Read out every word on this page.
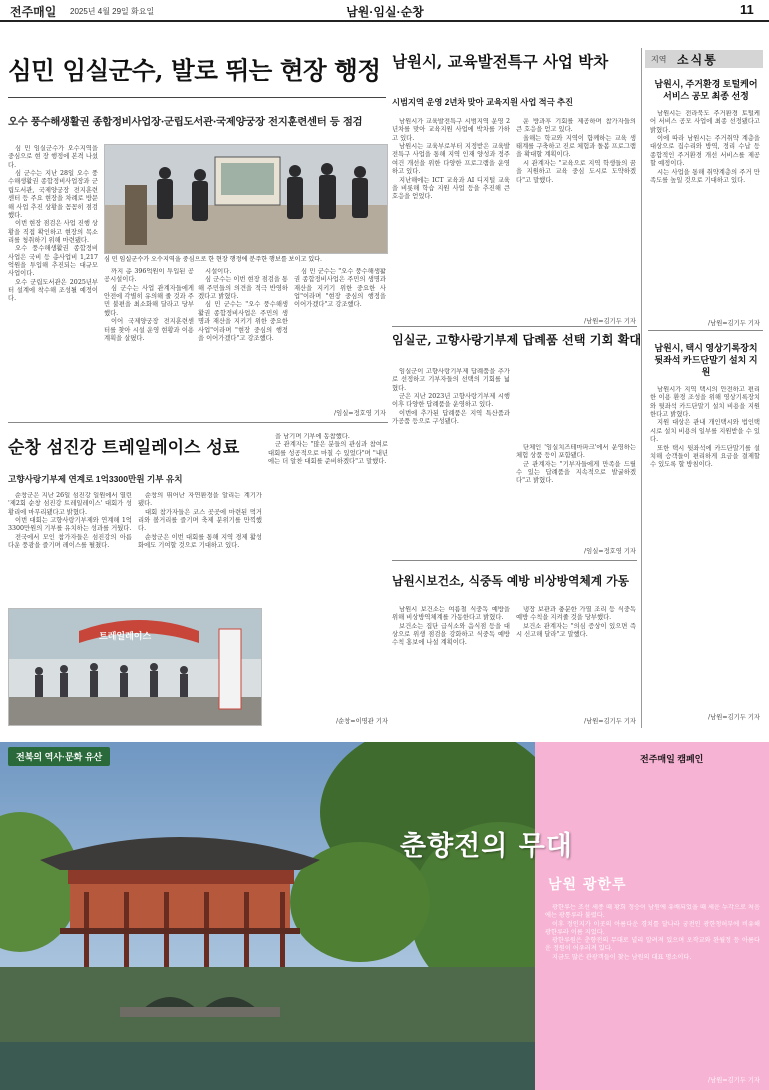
전주매일 2025년 4월 29일 화요일	남원·임실·순창	11
심민 임실군수, 발로 뛰는 현장 행정
오수 풍수해생활권 종합정비사업장·군립도서관·국제양궁장 전지훈련센터 등 점검

심 민 임실군수가 오수지역을 중심으로 현 장 행정에 본격 나섰다.

심 군수는 지난 28일 오수 풍수해생활권 종합정비사업장과 군립도서관, 국제양궁장 전지훈련센터 등 주요 현장을 차례로 방문해 사업 추진 상황을 꼼꼼히 점검했다.

이번 현장 점검은 사업 진행 상황을 직접 확인하고 현장의 목소리를 청취하기 위해 마련됐다.

오수 풍수해생활권 종합정비사업은 국비 등 총사업비 1,217억원을 투입해 추진되는 대규모 사업이다.

오수 군립도서관은 2025년부터 설계에 착수해 조성될 예정이다.

심 민 임실군수가 오수지역을 중심으로 한 현장 행정에 분주한 행보를 보이고 있다.

까지 총 396억원이 투입된 공공시설이다.

심 군수는 사업 관계자들에게 안전에 각별히 유의해 줄 것과 주민 불편을 최소화해 달라고 당부했다.

이어 국제양궁장 전지훈련센터를 찾아 시설 운영 현황과 이용 계획을 살폈다.

시설이다.

심 군수는 이번 현장 점검을 통해 주민들의 의견을 적극 반영하겠다고 밝혔다.

심 민 군수는 "오수 풍수해생활권 종합정비사업은 주민의 생명과 재산을 지키기 위한 중요한 사업"이라며 "현장 중심의 행정을 이어가겠다"고 강조했다.

심 민 군수는 "오수 풍수해생활권 종합정비사업은 주민의 생명과 재산을 지키기 위한 중요한 사업"이라며 "현장 중심의 행정을 이어가겠다"고 강조했다.

/임실=정호영 기자
순창 섬진강 트레일레이스 성료
고향사랑기부제 연계로 1억3300만원 기부 유치

순창군은 지난 26일 섬진강 일원에서 열린 '제2회 순창 섬진강 트레일레이스' 대회가 성황리에 마무리됐다고 밝혔다.

이번 대회는 고향사랑기부제와 연계해 1억3300만원의 기부를 유치하는 성과를 거뒀다.

전국에서 모인 참가자들은 섬진강의 아름다운 풍광을 즐기며 레이스를 펼쳤다.

순창의 뛰어난 자연환경을 알리는 계기가 됐다.

대회 참가자들은 코스 곳곳에 마련된 먹거리와 볼거리를 즐기며 축제 분위기를 만끽했다.

순창군은 이번 대회를 통해 지역 경제 활성화에도 기여할 것으로 기대하고 있다.

트레일레이스

을 남기며 기부에 동참했다.

군 관계자는 "많은 분들의 관심과 참여로 대회를 성공적으로 마칠 수 있었다"며 "내년에는 더 알찬 대회를 준비하겠다"고 말했다.

/순창=이명관 기자
남원시, 교육발전특구 사업 박차
시범지역 운영 2년차 맞아 교육지원 사업 적극 추진

남원시가 교육발전특구 시범지역 운영 2년차를 맞아 교육지원 사업에 박차를 가하고 있다.

남원시는 교육부로부터 지정받은 교육발전특구 사업을 통해 지역 인재 양성과 정주 여건 개선을 위한 다양한 프로그램을 운영하고 있다.

지난해에는 ICT 교육과 AI 디지털 교육을 비롯해 학습 지원 사업 등을 추진해 큰 호응을 얻었다.

운 방과후 기회를 제공하며 참가자들의 큰 호응을 얻고 있다.

올해는 학교와 지역이 함께하는 교육 생태계를 구축하고 진로 체험과 돌봄 프로그램을 확대할 계획이다.

시 관계자는 "교육으로 지역 학생들의 꿈을 지원하고 교육 중심 도시로 도약하겠다"고 말했다.

/남원=김기두 기자
임실군, 고향사랑기부제 답례품 선택 기회 확대

임실군이 고향사랑기부제 답례품을 추가로 선정하고 기부자들의 선택의 기회를 넓혔다.

군은 지난 2023년 고향사랑기부제 시행 이후 다양한 답례품을 운영하고 있다.

이번에 추가된 답례품은 지역 특산품과 가공품 등으로 구성됐다.

단체인 '임실치즈테마파크'에서 운영하는 체험 상품 등이 포함됐다.

군 관계자는 "기부자들에게 만족을 드릴 수 있는 답례품을 지속적으로 발굴하겠다"고 밝혔다.

/임실=정호영 기자
남원시보건소, 식중독 예방 비상방역체계 가동

남원시 보건소는 여름철 식중독 예방을 위해 비상방역체계를 가동한다고 밝혔다.

보건소는 집단 급식소와 음식점 등을 대상으로 위생 점검을 강화하고 식중독 예방 수칙 홍보에 나설 계획이다.

냉장 보관과 충분한 가열 조리 등 식중독 예방 수칙을 지켜줄 것을 당부했다.

보건소 관계자는 "의심 증상이 있으면 즉시 신고해 달라"고 말했다.

/남원=김기두 기자
지역 소식통
남원시, 주거환경 토털케어 서비스 공모 최종 선정

남원시는 전라북도 주거환경 토털케어 서비스 공모 사업에 최종 선정됐다고 밝혔다.

이에 따라 남원시는 주거취약 계층을 대상으로 집수리와 방역, 정리 수납 등 종합적인 주거환경 개선 서비스를 제공할 예정이다.

시는 사업을 통해 취약계층의 주거 만족도를 높일 것으로 기대하고 있다.

/남원=김기두 기자
남원시, 택시 영상기록장치 뒷좌석 카드단말기 설치 지원

남원시가 지역 택시의 안전하고 편리한 이용 환경 조성을 위해 영상기록장치와 뒷좌석 카드단말기 설치 비용을 지원한다고 밝혔다.

지원 대상은 관내 개인택시와 법인택시로 설치 비용의 일부를 지원받을 수 있다.

또한 택시 뒷좌석에 카드단말기를 설치해 승객들이 편리하게 요금을 결제할 수 있도록 할 방침이다.

/남원=김기두 기자
전북의 역사·문화 유산	전주매일 캠페인
춘향전의 무대
남원 광한루

광한루는 조선 세종 때 황희 정승이 남원에 유배되었을 때 세운 누각으로 처음에는 광통루라 불렸다.

이후 정인지가 이곳의 아름다운 경치를 달나라 궁전인 광한청허부에 비유해 광한루라 이름 지었다.

광한루원은 춘향전의 무대로 널리 알려져 있으며 오작교와 완월정 등 아름다운 정원이 어우러져 있다.

지금도 많은 관광객들이 찾는 남원의 대표 명소이다.

/남원=김기두 기자
